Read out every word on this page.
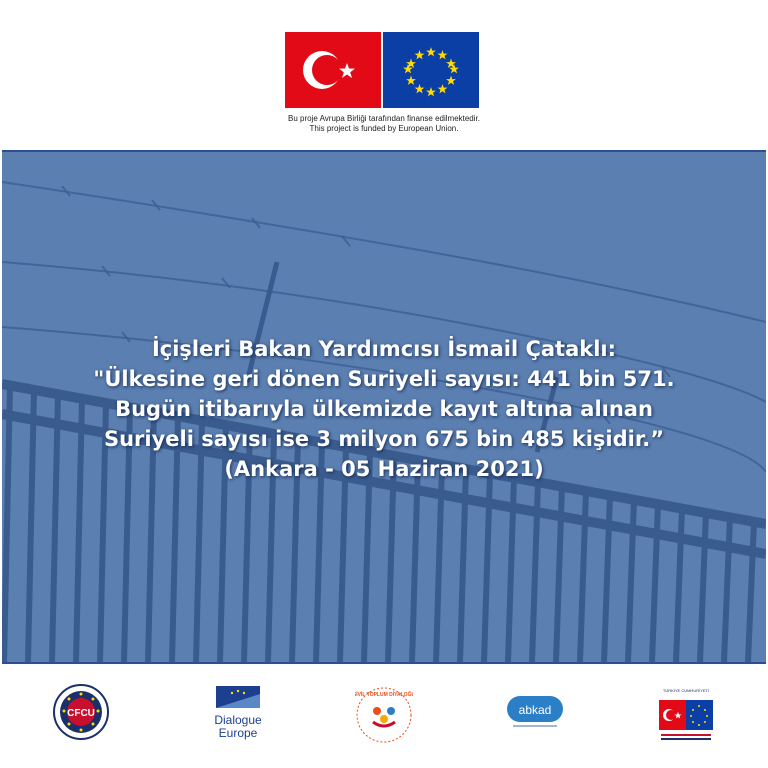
Bu proje Avrupa Birliği tarafından finanse edilmektedir.
This project is funded by European Union.
İçişleri Bakan Yardımcısı İsmail Çataklı:
"Ülkesine geri dönen Suriyeli sayısı: 441 bin 571.
Bugün itibarıyla ülkemizde kayıt altına alınan
Suriyeli sayısı ise 3 milyon 675 bin 485 kişidir.”
(Ankara - 05 Haziran 2021)
CFCU	Dialogue
Europe
SİVİL TOPLUM DİYALOĞU
abkad
TÜRKİYE CUMHURİYETİ
